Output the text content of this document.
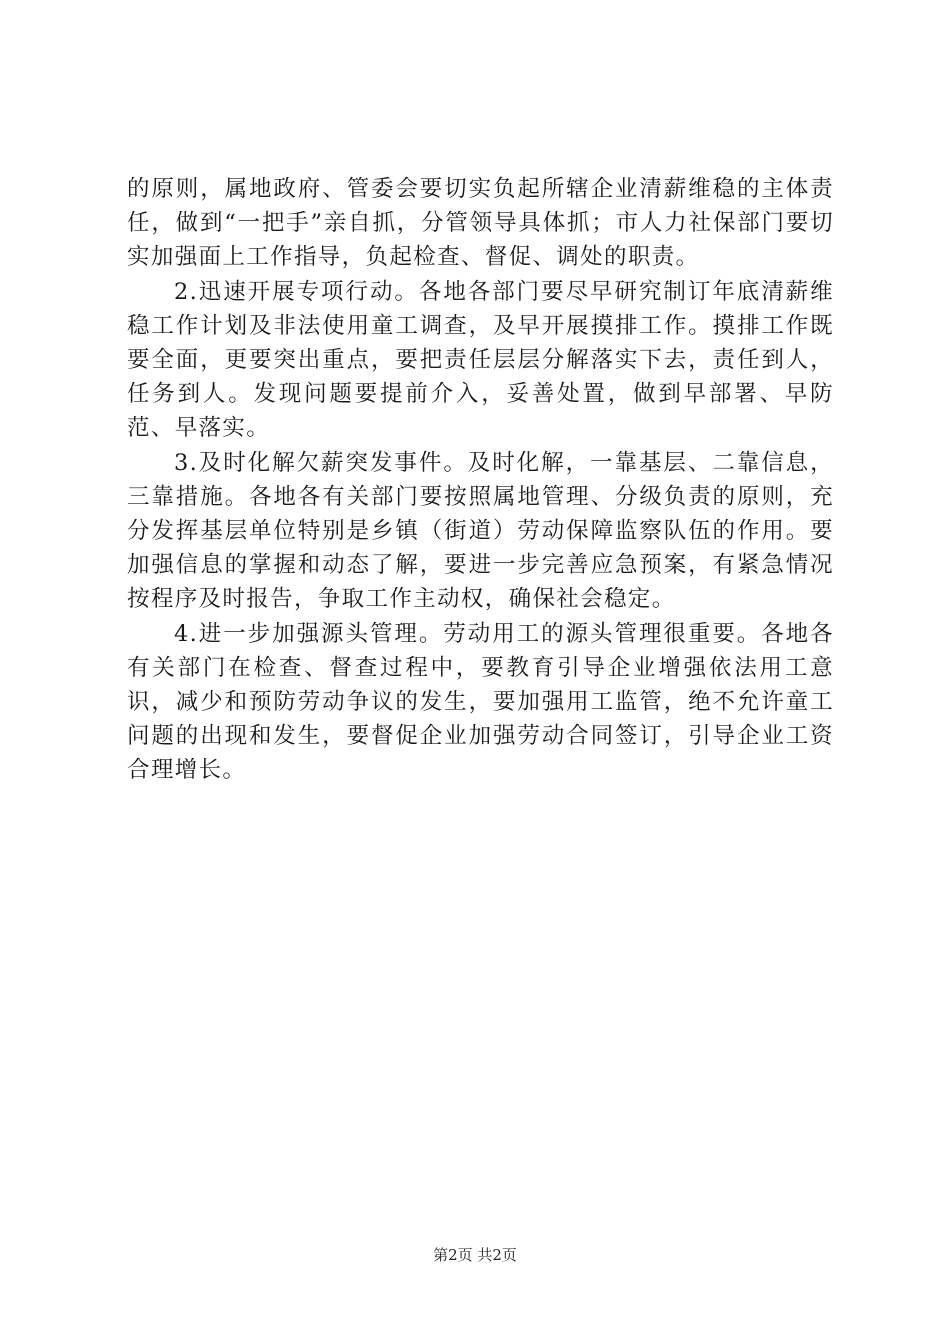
的原则，属地政府、管委会要切实负起所辖企业清薪维稳的主体责任，做到“一把手”亲自抓，分管领导具体抓；市人力社保部门要切实加强面上工作指导，负起检查、督促、调处的职责。

2.迅速开展专项行动。各地各部门要尽早研究制订年底清薪维稳工作计划及非法使用童工调查，及早开展摸排工作。摸排工作既要全面，更要突出重点，要把责任层层分解落实下去，责任到人，任务到人。发现问题要提前介入，妥善处置，做到早部署、早防范、早落实。

3.及时化解欠薪突发事件。及时化解，一靠基层、二靠信息，三靠措施。各地各有关部门要按照属地管理、分级负责的原则，充分发挥基层单位特别是乡镇（街道）劳动保障监察队伍的作用。要加强信息的掌握和动态了解，要进一步完善应急预案，有紧急情况按程序及时报告，争取工作主动权，确保社会稳定。

4.进一步加强源头管理。劳动用工的源头管理很重要。各地各有关部门在检查、督查过程中，要教育引导企业增强依法用工意识，减少和预防劳动争议的发生，要加强用工监管，绝不允许童工问题的出现和发生，要督促企业加强劳动合同签订，引导企业工资合理增长。

第2页 共2页
